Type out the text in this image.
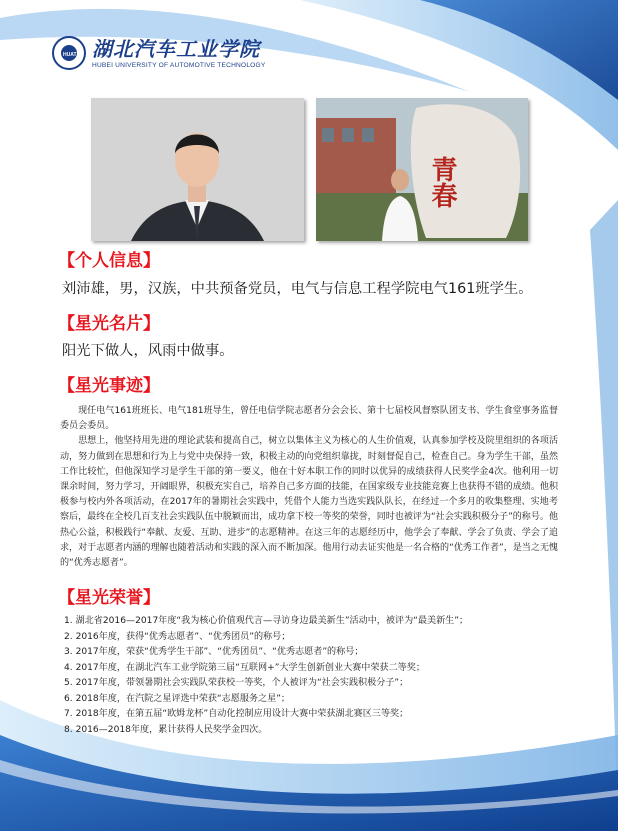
HUAT 湖北汽车工业学院
HUBEI UNIVERSITY OF AUTOMOTIVE TECHNOLOGY
青春
【 个人信息 】
刘沛雄，男，汉族，中共预备党员，电气与信息工程学院电气161班学生。
【 星光名片 】
阳光下做人，风雨中做事。
【 星光事迹 】

现任电气161班班长、电气181班导生，曾任电信学院志愿者分会会长、第十七届校风督察队团支书、学生食堂事务监督委员会委员。

思想上，他坚持用先进的理论武装和提高自己，树立以集体主义为核心的人生价值观，认真参加学校及院里组织的各项活动，努力做到在思想和行为上与党中央保持一致，积极主动的向党组织靠拢，时刻督促自己，检查自己。身为学生干部，虽然工作比较忙，但他深知学习是学生干部的第一要义，他在十好本职工作的同时以优异的成绩获得人民奖学金4次。他利用一切课余时间，努力学习，开阔眼界，积极充实自己，培养自己多方面的技能，在国家级专业技能竞赛上也获得不错的成绩。他积极参与校内外各项活动，在2017年的暑期社会实践中，凭借个人能力当选实践队队长，在经过一个多月的收集整理、实地考察后，最终在全校几百支社会实践队伍中脱颖而出，成功拿下校一等奖的荣誉，同时也被评为“社会实践积极分子”的称号。他热心公益，积极践行“奉献、友爱、互助、进步”的志愿精神。在这三年的志愿经历中，他学会了奉献、学会了负责、学会了追求，对于志愿者内涵的理解也随着活动和实践的深入而不断加深。他用行动去证实他是一名合格的“优秀工作者”，是当之无愧的“优秀志愿者”。

【 星光荣誉 】
1. 湖北省2016—2017年度“我为核心价值观代言—寻访身边最美新生”活动中，被评为“最美新生”；
2. 2016年度，获得“优秀志愿者”、“优秀团员”的称号；
3. 2017年度，荣获“优秀学生干部”、“优秀团员”、“优秀志愿者”的称号；
4. 2017年度，在湖北汽车工业学院第三届“互联网+”大学生创新创业大赛中荣获二等奖；
5. 2017年度，带领暑期社会实践队荣获校一等奖，个人被评为“社会实践积极分子”；
6. 2018年度，在汽院之星评选中荣获“志愿服务之星”；
7. 2018年度，在第五届“欧姆龙杯”自动化控制应用设计大赛中荣获湖北赛区三等奖；
8. 2016—2018年度，累计获得人民奖学金四次。
